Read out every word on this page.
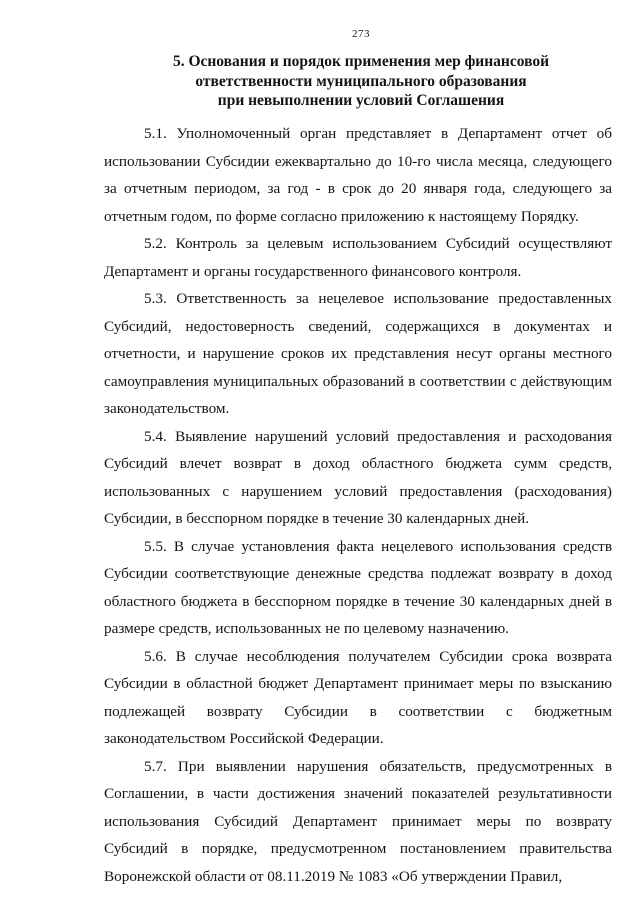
273
5. Основания и порядок применения мер финансовой
ответственности муниципального образования
при невыполнении условий Соглашения

5.1. Уполномоченный орган представляет в Департамент отчет об использовании Субсидии ежеквартально до 10-го числа месяца, следующего за отчетным периодом, за год - в срок до 20 января года, следующего за отчетным годом, по форме согласно приложению к настоящему Порядку.

5.2. Контроль за целевым использованием Субсидий осуществляют Департамент и органы государственного финансового контроля.

5.3. Ответственность за нецелевое использование предоставленных Субсидий, недостоверность сведений, содержащихся в документах и отчетности, и нарушение сроков их представления несут органы местного самоуправления муниципальных образований в соответствии с действующим законодательством.

5.4. Выявление нарушений условий предоставления и расходования Субсидий влечет возврат в доход областного бюджета сумм средств, использованных с нарушением условий предоставления (расходования) Субсидии, в бесспорном порядке в течение 30 календарных дней.

5.5. В случае установления факта нецелевого использования средств Субсидии соответствующие денежные средства подлежат возврату в доход областного бюджета в бесспорном порядке в течение 30 календарных дней в размере средств, использованных не по целевому назначению.

5.6. В случае несоблюдения получателем Субсидии срока возврата Субсидии в областной бюджет Департамент принимает меры по взысканию подлежащей возврату Субсидии в соответствии с бюджетным законодательством Российской Федерации.

5.7. При выявлении нарушения обязательств, предусмотренных в Соглашении, в части достижения значений показателей результативности использования Субсидий Департамент принимает меры по возврату Субсидий в порядке, предусмотренном постановлением правительства Воронежской области от 08.11.2019 № 1083 «Об утверждении Правил,
